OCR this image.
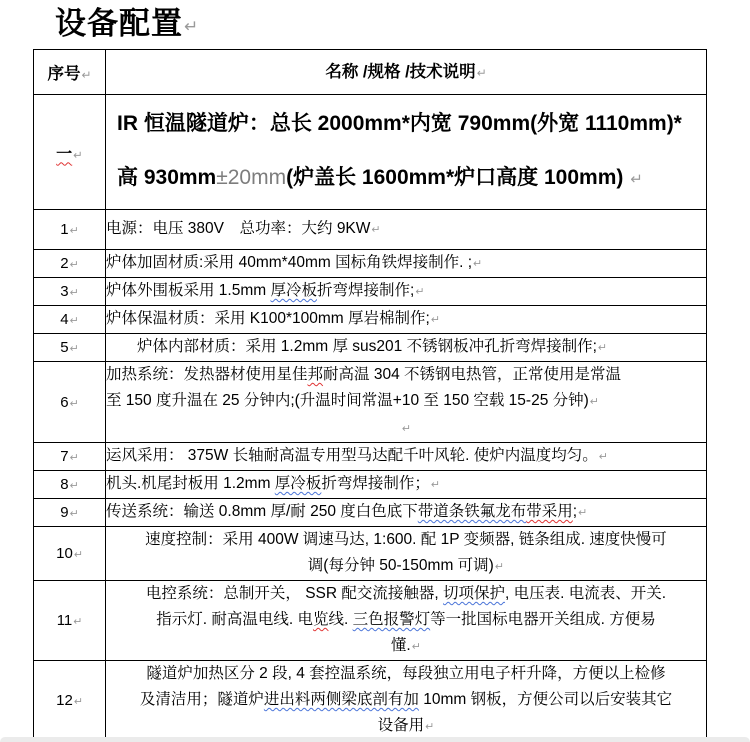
设备配置↵
序号↵	名称 /规格 /技术说明↵
一↵	IR 恒温隧道炉：总长 2000mm*内宽 790mm(外宽 1110mm)*
高 930mm±20mm(炉盖长 1600mm*炉口高度 100mm) ↵

1↵	电源：电压 380V　总功率：大约 9KW↵

2↵	炉体加固材质:采用 40mm*40mm 国标角铁焊接制作. ;↵

3↵	炉体外围板采用 1.5mm 厚冷板折弯焊接制作;↵

4↵	炉体保温材质：采用 K100*100mm 厚岩棉制作;↵

5↵	　　炉体内部材质：采用 1.2mm 厚 sus201 不锈钢板冲孔折弯焊接制作;↵

6↵	加热系统：发热器材使用星佳邦耐高温 304 不锈钢电热管，正常使用是常温
至 150 度升温在 25 分钟内;(升温时间常温+10 至 150 空载 15-25 分钟)↵
↵

7↵	运风采用： 375W 长轴耐高温专用型马达配千叶风轮. 使炉内温度均匀。↵

8↵	机头.机尾封板用 1.2mm 厚冷板折弯焊接制作；↵

9↵	传送系统：输送 0.8mm 厚/耐 250 度白色底下带道条铁氟龙布带采用;↵

10↵	速度控制：采用 400W 调速马达, 1:600. 配 1P 变频器, 链条组成. 速度快慢可
调(每分钟 50-150mm 可调)↵

11↵	电控系统：总制开关， SSR 配交流接触器, 切项保护, 电压表. 电流表、开关.
指示灯. 耐高温电线. 电览线. 三色报警灯等一批国标电器开关组成. 方便易
懂.↵

12↵	隧道炉加热区分 2 段, 4 套控温系统，每段独立用电子杆升降，方便以上检修
及清洁用；隧道炉进出料两侧梁底剖有加 10mm 钢板，方便公司以后安装其它
设备用↵
